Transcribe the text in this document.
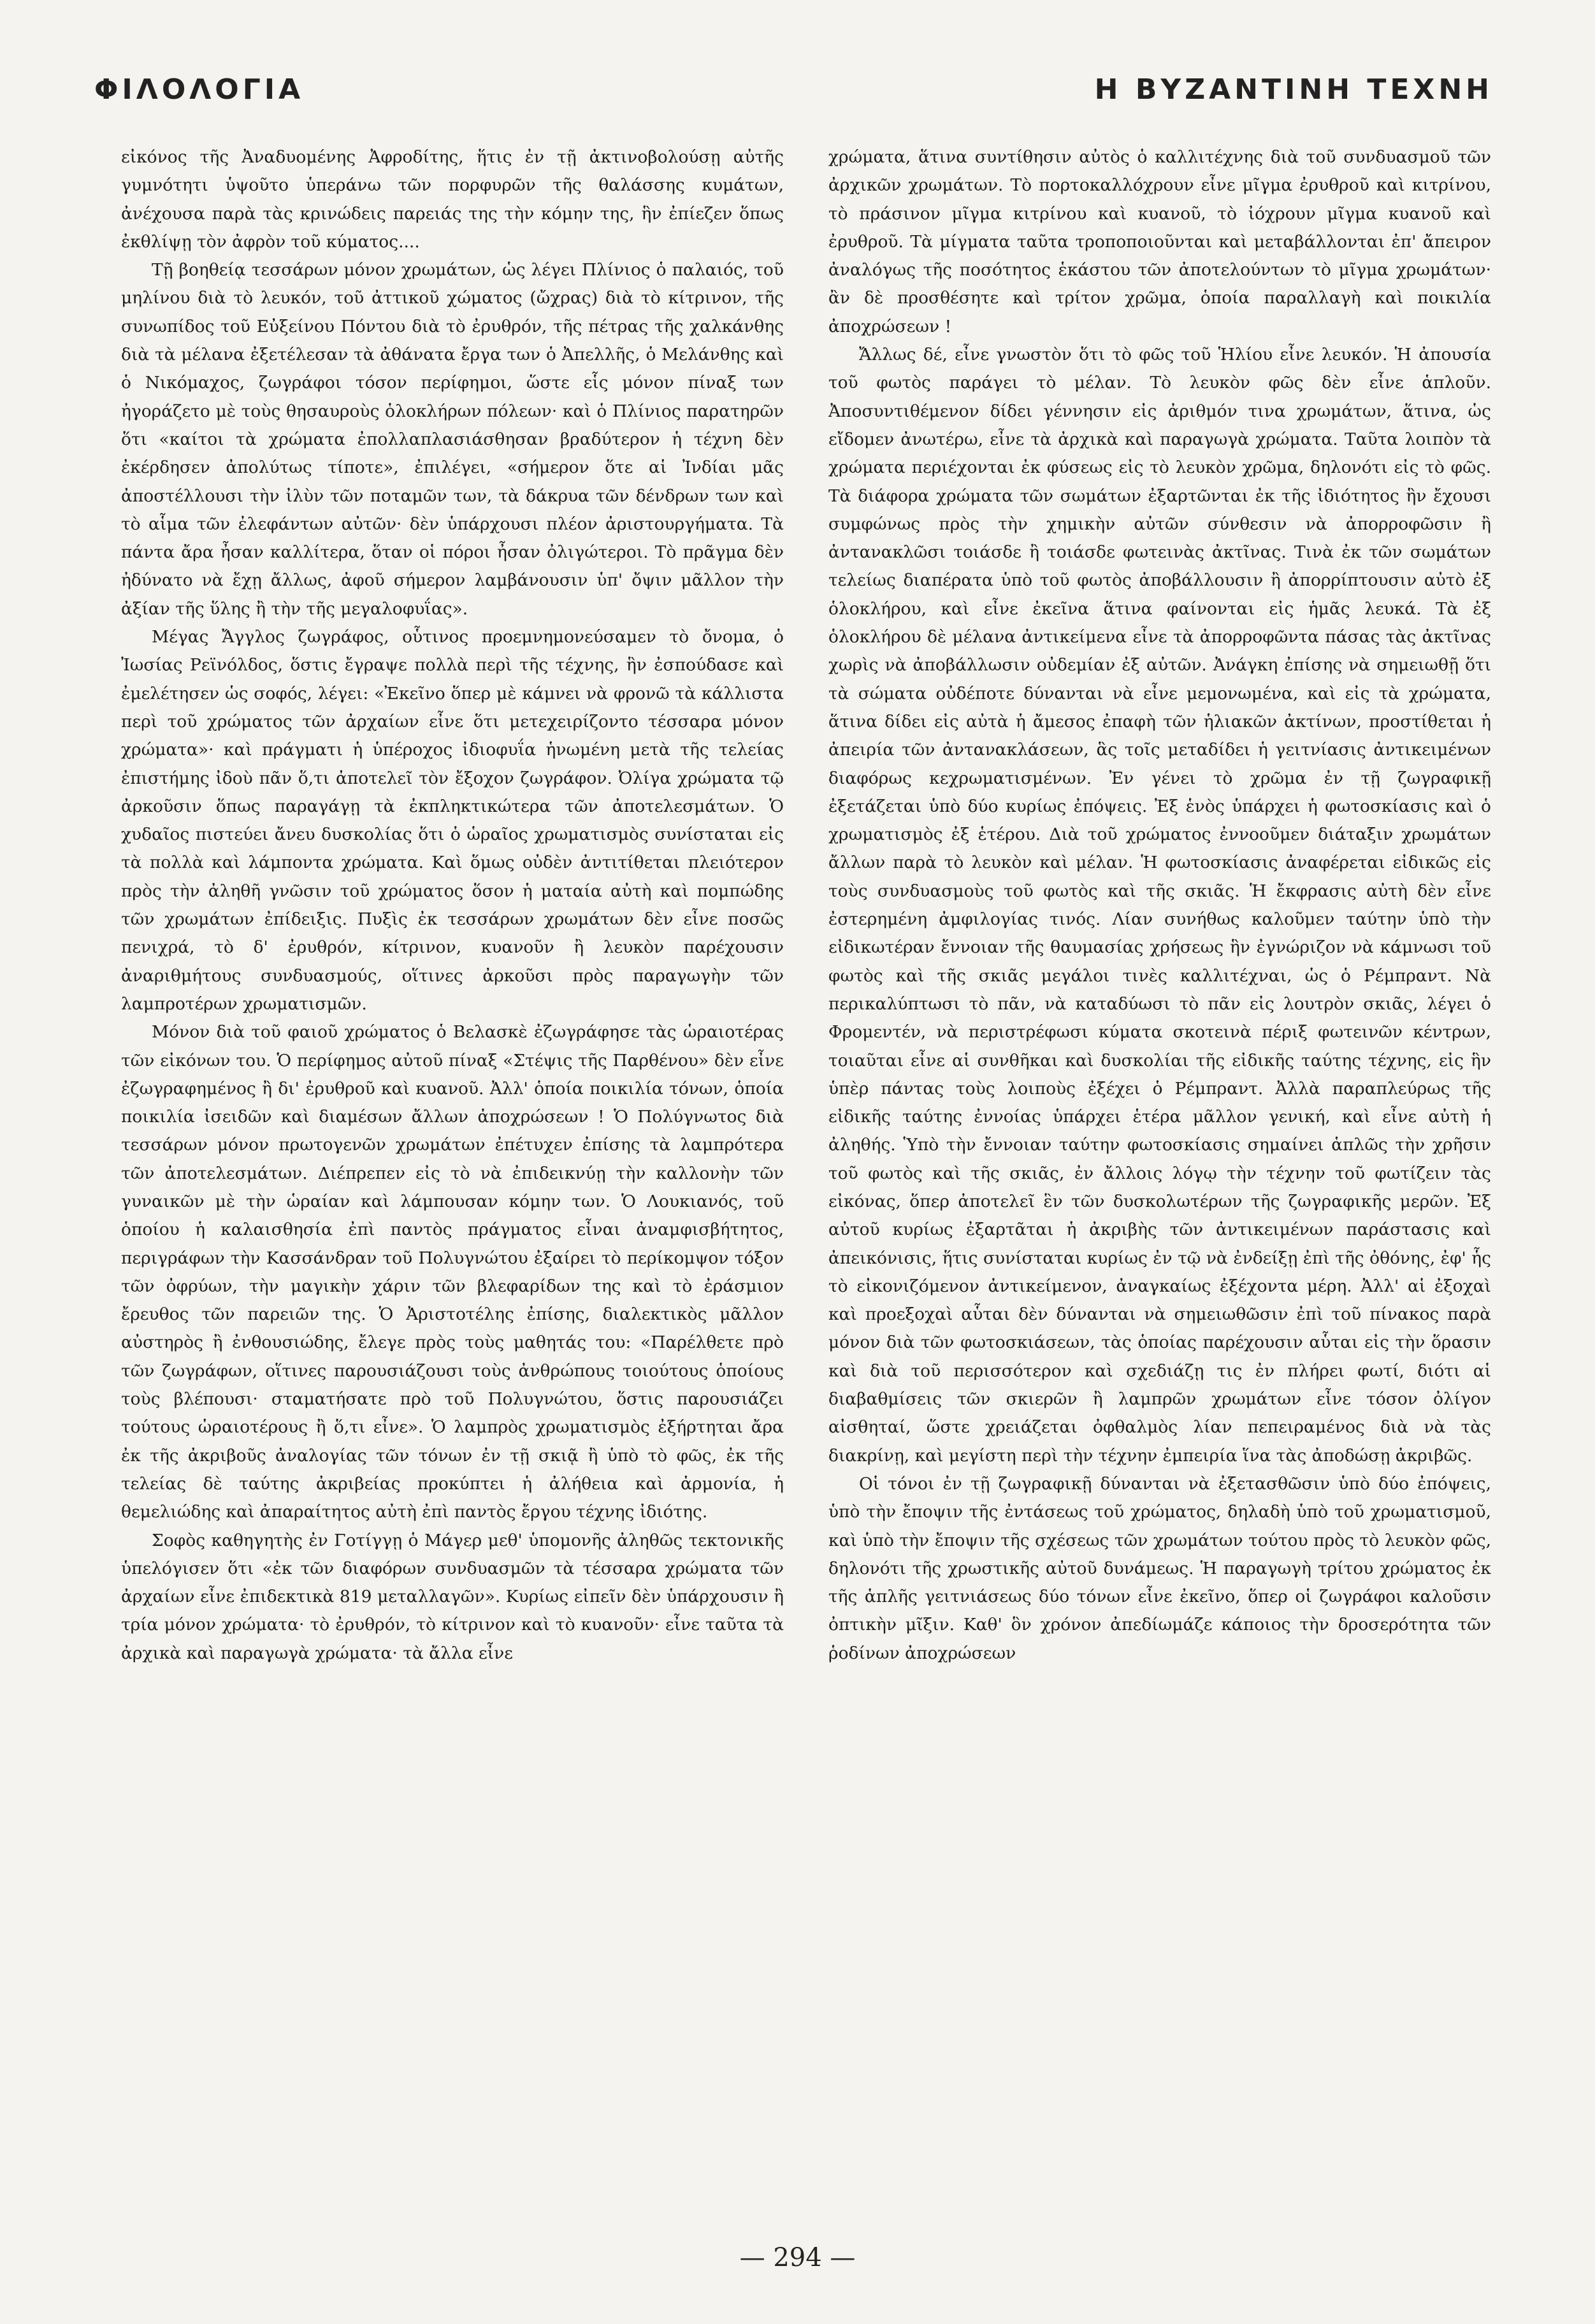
ΦΙΛΟΛΟΓΙΑ	Η ΒΥΖΑΝΤΙΝΗ ΤΕΧΝΗ

εἰκόνος τῆς Ἀναδυομένης Ἀφροδίτης, ἥτις ἐν τῇ ἀκτινοβολούσῃ αὐτῆς γυμνότητι ὑψοῦτο ὑπεράνω τῶν πορφυρῶν τῆς θαλάσσης κυμάτων, ἀνέχουσα παρὰ τὰς κρινώδεις παρειάς της τὴν κόμην της, ἣν ἐπίεζεν ὅπως ἐκθλίψῃ τὸν ἀφρὸν τοῦ κύματος....

Τῇ βοηθείᾳ τεσσάρων μόνον χρωμάτων, ὡς λέγει Πλίνιος ὁ παλαιός, τοῦ μηλίνου διὰ τὸ λευκόν, τοῦ ἀττικοῦ χώματος (ὤχρας) διὰ τὸ κίτρινον, τῆς συνωπίδος τοῦ Εὐξείνου Πόντου διὰ τὸ ἐρυθρόν, τῆς πέτρας τῆς χαλκάνθης διὰ τὰ μέλανα ἐξετέλεσαν τὰ ἀθάνατα ἔργα των ὁ Ἀπελλῆς, ὁ Μελάνθης καὶ ὁ Νικόμαχος, ζωγράφοι τόσον περίφημοι, ὥστε εἷς μόνον πίναξ των ἠγοράζετο μὲ τοὺς θησαυροὺς ὁλοκλήρων πόλεων· καὶ ὁ Πλίνιος παρατηρῶν ὅτι «καίτοι τὰ χρώματα ἐπολλαπλασιάσθησαν βραδύτερον ἡ τέχνη δὲν ἐκέρδησεν ἀπολύτως τίποτε», ἐπιλέγει, «σήμερον ὅτε αἱ Ἰνδίαι μᾶς ἀποστέλλουσι τὴν ἰλὺν τῶν ποταμῶν των, τὰ δάκρυα τῶν δένδρων των καὶ τὸ αἷμα τῶν ἐλεφάντων αὐτῶν· δὲν ὑπάρχουσι πλέον ἀριστουργήματα. Τὰ πάντα ἄρα ἦσαν καλλίτερα, ὅταν οἱ πόροι ἦσαν ὀλιγώτεροι. Τὸ πρᾶγμα δὲν ἠδύνατο νὰ ἔχῃ ἄλλως, ἀφοῦ σήμερον λαμβάνουσιν ὑπ' ὄψιν μᾶλλον τὴν ἀξίαν τῆς ὕλης ἢ τὴν τῆς μεγαλοφυΐας».

Μέγας Ἄγγλος ζωγράφος, οὗτινος προεμνημονεύσαμεν τὸ ὄνομα, ὁ Ἰωσίας Ρεϊνόλδος, ὅστις ἔγραψε πολλὰ περὶ τῆς τέχνης, ἣν ἐσπούδασε καὶ ἐμελέτησεν ὡς σοφός, λέγει: «Ἐκεῖνο ὅπερ μὲ κάμνει νὰ φρονῶ τὰ κάλλιστα περὶ τοῦ χρώματος τῶν ἀρχαίων εἶνε ὅτι μετεχειρίζοντο τέσσαρα μόνον χρώματα»· καὶ πράγματι ἡ ὑπέροχος ἰδιοφυΐα ἡνωμένη μετὰ τῆς τελείας ἐπιστήμης ἰδοὺ πᾶν ὅ,τι ἀποτελεῖ τὸν ἔξοχον ζωγράφον. Ὀλίγα χρώματα τῷ ἀρκοῦσιν ὅπως παραγάγῃ τὰ ἐκπληκτικώτερα τῶν ἀποτελεσμάτων. Ὁ χυδαῖος πιστεύει ἄνευ δυσκολίας ὅτι ὁ ὡραῖος χρωματισμὸς συνίσταται εἰς τὰ πολλὰ καὶ λάμποντα χρώματα. Καὶ ὅμως οὐδὲν ἀντιτίθεται πλειότερον πρὸς τὴν ἀληθῆ γνῶσιν τοῦ χρώματος ὅσον ἡ ματαία αὐτὴ καὶ πομπώδης τῶν χρωμάτων ἐπίδειξις. Πυξὶς ἐκ τεσσάρων χρωμάτων δὲν εἶνε ποσῶς πενιχρά, τὸ δ' ἐρυθρόν, κίτρινον, κυανοῦν ἢ λευκὸν παρέχουσιν ἀναριθμήτους συνδυασμούς, οἵτινες ἀρκοῦσι πρὸς παραγωγὴν τῶν λαμπροτέρων χρωματισμῶν.

Μόνον διὰ τοῦ φαιοῦ χρώματος ὁ Βελασκὲ ἐζωγράφησε τὰς ὡραιοτέρας τῶν εἰκόνων του. Ὁ περίφημος αὐτοῦ πίναξ «Στέψις τῆς Παρθένου» δὲν εἶνε ἐζωγραφημένος ἢ δι' ἐρυθροῦ καὶ κυανοῦ. Ἀλλ' ὁποία ποικιλία τόνων, ὁποία ποικιλία ἰσειδῶν καὶ διαμέσων ἄλλων ἀποχρώσεων ! Ὁ Πολύγνωτος διὰ τεσσάρων μόνον πρωτογενῶν χρωμάτων ἐπέτυχεν ἐπίσης τὰ λαμπρότερα τῶν ἀποτελεσμάτων. Διέπρεπεν εἰς τὸ νὰ ἐπιδεικνύῃ τὴν καλλονὴν τῶν γυναικῶν μὲ τὴν ὡραίαν καὶ λάμπουσαν κόμην των. Ὁ Λουκιανός, τοῦ ὁποίου ἡ καλαισθησία ἐπὶ παντὸς πράγματος εἶναι ἀναμφισβήτητος, περιγράφων τὴν Κασσάνδραν τοῦ Πολυγνώτου ἐξαίρει τὸ περίκομψον τόξον τῶν ὀφρύων, τὴν μαγικὴν χάριν τῶν βλεφαρίδων της καὶ τὸ ἐράσμιον ἔρευθος τῶν παρειῶν της. Ὁ Ἀριστοτέλης ἐπίσης, διαλεκτικὸς μᾶλλον αὐστηρὸς ἢ ἐνθουσιώδης, ἔλεγε πρὸς τοὺς μαθητάς του: «Παρέλθετε πρὸ τῶν ζωγράφων, οἵτινες παρουσιάζουσι τοὺς ἀνθρώπους τοιούτους ὁποίους τοὺς βλέπουσι· σταματήσατε πρὸ τοῦ Πολυγνώτου, ὅστις παρουσιάζει τούτους ὡραιοτέρους ἢ ὅ,τι εἶνε». Ὁ λαμπρὸς χρωματισμὸς ἐξήρτηται ἄρα ἐκ τῆς ἀκριβοῦς ἀναλογίας τῶν τόνων ἐν τῇ σκιᾷ ἢ ὑπὸ τὸ φῶς, ἐκ τῆς τελείας δὲ ταύτης ἀκριβείας προκύπτει ἡ ἀλήθεια καὶ ἁρμονία, ἡ θεμελιώδης καὶ ἀπαραίτητος αὐτὴ ἐπὶ παντὸς ἔργου τέχνης ἰδιότης.

Σοφὸς καθηγητὴς ἐν Γοτίγγῃ ὁ Μάγερ μεθ' ὑπομονῆς ἀληθῶς τεκτονικῆς ὑπελόγισεν ὅτι «ἐκ τῶν διαφόρων συνδυασμῶν τὰ τέσσαρα χρώματα τῶν ἀρχαίων εἶνε ἐπιδεκτικὰ 819 μεταλλαγῶν». Κυρίως εἰπεῖν δὲν ὑπάρχουσιν ἢ τρία μόνον χρώματα· τὸ ἐρυθρόν, τὸ κίτρινον καὶ τὸ κυανοῦν· εἶνε ταῦτα τὰ ἀρχικὰ καὶ παραγωγὰ χρώματα· τὰ ἄλλα εἶνε

χρώματα, ἅτινα συντίθησιν αὐτὸς ὁ καλλιτέχνης διὰ τοῦ συνδυασμοῦ τῶν ἀρχικῶν χρωμάτων. Τὸ πορτοκαλλόχρουν εἶνε μῖγμα ἐρυθροῦ καὶ κιτρίνου, τὸ πράσινον μῖγμα κιτρίνου καὶ κυανοῦ, τὸ ἰόχρουν μῖγμα κυανοῦ καὶ ἐρυθροῦ. Τὰ μίγματα ταῦτα τροποποιοῦνται καὶ μεταβάλλονται ἐπ' ἄπειρον ἀναλόγως τῆς ποσότητος ἑκάστου τῶν ἀποτελούντων τὸ μῖγμα χρωμάτων· ἂν δὲ προσθέσητε καὶ τρίτον χρῶμα, ὁποία παραλλαγὴ καὶ ποικιλία ἀποχρώσεων !

Ἄλλως δέ, εἶνε γνωστὸν ὅτι τὸ φῶς τοῦ Ἡλίου εἶνε λευκόν. Ἡ ἀπουσία τοῦ φωτὸς παράγει τὸ μέλαν. Τὸ λευκὸν φῶς δὲν εἶνε ἁπλοῦν. Ἀποσυντιθέμενον δίδει γέννησιν εἰς ἀριθμόν τινα χρωμάτων, ἅτινα, ὡς εἴδομεν ἀνωτέρω, εἶνε τὰ ἀρχικὰ καὶ παραγωγὰ χρώματα. Ταῦτα λοιπὸν τὰ χρώματα περιέχονται ἐκ φύσεως εἰς τὸ λευκὸν χρῶμα, δηλονότι εἰς τὸ φῶς. Τὰ διάφορα χρώματα τῶν σωμάτων ἐξαρτῶνται ἐκ τῆς ἰδιότητος ἣν ἔχουσι συμφώνως πρὸς τὴν χημικὴν αὐτῶν σύνθεσιν νὰ ἀπορροφῶσιν ἢ ἀντανακλῶσι τοιάσδε ἢ τοιάσδε φωτεινὰς ἀκτῖνας. Τινὰ ἐκ τῶν σωμάτων τελείως διαπέρατα ὑπὸ τοῦ φωτὸς ἀποβάλλουσιν ἢ ἀπορρίπτουσιν αὐτὸ ἐξ ὁλοκλήρου, καὶ εἶνε ἐκεῖνα ἅτινα φαίνονται εἰς ἡμᾶς λευκά. Τὰ ἐξ ὁλοκλήρου δὲ μέλανα ἀντικείμενα εἶνε τὰ ἀπορροφῶντα πάσας τὰς ἀκτῖνας χωρὶς νὰ ἀποβάλλωσιν οὐδεμίαν ἐξ αὐτῶν. Ἀνάγκη ἐπίσης νὰ σημειωθῇ ὅτι τὰ σώματα οὐδέποτε δύνανται νὰ εἶνε μεμονωμένα, καὶ εἰς τὰ χρώματα, ἅτινα δίδει εἰς αὐτὰ ἡ ἄμεσος ἐπαφὴ τῶν ἡλιακῶν ἀκτίνων, προστίθεται ἡ ἀπειρία τῶν ἀντανακλάσεων, ἃς τοῖς μεταδίδει ἡ γειτνίασις ἀντικειμένων διαφόρως κεχρωματισμένων. Ἐν γένει τὸ χρῶμα ἐν τῇ ζωγραφικῇ ἐξετάζεται ὑπὸ δύο κυρίως ἐπόψεις. Ἐξ ἑνὸς ὑπάρχει ἡ φωτοσκίασις καὶ ὁ χρωματισμὸς ἐξ ἑτέρου. Διὰ τοῦ χρώματος ἐννοοῦμεν διάταξιν χρωμάτων ἄλλων παρὰ τὸ λευκὸν καὶ μέλαν. Ἡ φωτοσκίασις ἀναφέρεται εἰδικῶς εἰς τοὺς συνδυασμοὺς τοῦ φωτὸς καὶ τῆς σκιᾶς. Ἡ ἔκφρασις αὐτὴ δὲν εἶνε ἐστερημένη ἀμφιλογίας τινός. Λίαν συνήθως καλοῦμεν ταύτην ὑπὸ τὴν εἰδικωτέραν ἔννοιαν τῆς θαυμασίας χρήσεως ἣν ἐγνώριζον νὰ κάμνωσι τοῦ φωτὸς καὶ τῆς σκιᾶς μεγάλοι τινὲς καλλιτέχναι, ὡς ὁ Ρέμπραντ. Νὰ περικαλύπτωσι τὸ πᾶν, νὰ καταδύωσι τὸ πᾶν εἰς λουτρὸν σκιᾶς, λέγει ὁ Φρομεντέν, νὰ περιστρέφωσι κύματα σκοτεινὰ πέριξ φωτεινῶν κέντρων, τοιαῦται εἶνε αἱ συνθῆκαι καὶ δυσκολίαι τῆς εἰδικῆς ταύτης τέχνης, εἰς ἣν ὑπὲρ πάντας τοὺς λοιποὺς ἐξέχει ὁ Ρέμπραντ. Ἀλλὰ παραπλεύρως τῆς εἰδικῆς ταύτης ἐννοίας ὑπάρχει ἑτέρα μᾶλλον γενική, καὶ εἶνε αὐτὴ ἡ ἀληθής. Ὑπὸ τὴν ἔννοιαν ταύτην φωτοσκίασις σημαίνει ἁπλῶς τὴν χρῆσιν τοῦ φωτὸς καὶ τῆς σκιᾶς, ἐν ἄλλοις λόγῳ τὴν τέχνην τοῦ φωτίζειν τὰς εἰκόνας, ὅπερ ἀποτελεῖ ἓν τῶν δυσκολωτέρων τῆς ζωγραφικῆς μερῶν. Ἐξ αὐτοῦ κυρίως ἐξαρτᾶται ἡ ἀκριβὴς τῶν ἀντικειμένων παράστασις καὶ ἀπεικόνισις, ἥτις συνίσταται κυρίως ἐν τῷ νὰ ἐνδείξῃ ἐπὶ τῆς ὀθόνης, ἐφ' ἧς τὸ εἰκονιζόμενον ἀντικείμενον, ἀναγκαίως ἐξέχοντα μέρη. Ἀλλ' αἱ ἐξοχαὶ καὶ προεξοχαὶ αὗται δὲν δύνανται νὰ σημειωθῶσιν ἐπὶ τοῦ πίνακος παρὰ μόνον διὰ τῶν φωτοσκιάσεων, τὰς ὁποίας παρέχουσιν αὗται εἰς τὴν ὅρασιν καὶ διὰ τοῦ περισσότερον καὶ σχεδιάζῃ τις ἐν πλήρει φωτί, διότι αἱ διαβαθμίσεις τῶν σκιερῶν ἢ λαμπρῶν χρωμάτων εἶνε τόσον ὀλίγον αἰσθηταί, ὥστε χρειάζεται ὀφθαλμὸς λίαν πεπειραμένος διὰ νὰ τὰς διακρίνῃ, καὶ μεγίστη περὶ τὴν τέχνην ἐμπειρία ἵνα τὰς ἀποδώσῃ ἀκριβῶς.

Οἱ τόνοι ἐν τῇ ζωγραφικῇ δύνανται νὰ ἐξετασθῶσιν ὑπὸ δύο ἐπόψεις, ὑπὸ τὴν ἔποψιν τῆς ἐντάσεως τοῦ χρώματος, δηλαδὴ ὑπὸ τοῦ χρωματισμοῦ, καὶ ὑπὸ τὴν ἔποψιν τῆς σχέσεως τῶν χρωμάτων τούτου πρὸς τὸ λευκὸν φῶς, δηλονότι τῆς χρωστικῆς αὐτοῦ δυνάμεως. Ἡ παραγωγὴ τρίτου χρώματος ἐκ τῆς ἁπλῆς γειτνιάσεως δύο τόνων εἶνε ἐκεῖνο, ὅπερ οἱ ζωγράφοι καλοῦσιν ὀπτικὴν μῖξιν. Καθ' ὃν χρόνον ἀπεδίωμάζε κάποιος τὴν δροσερότητα τῶν ῥοδίνων ἀποχρώσεων

— 294 —
